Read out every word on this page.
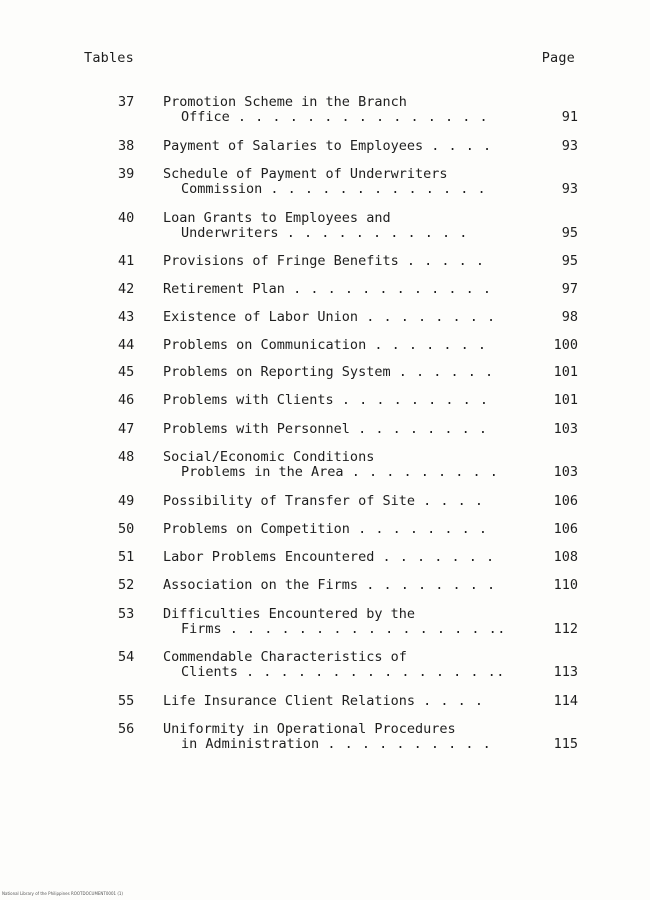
Tables	Page
37 Promotion Scheme in the Branch
Office . . . . . . . . . . . . . . .	91
38 Payment of Salaries to Employees . . . .	93
39 Schedule of Payment of Underwriters
Commission . . . . . . . . . . . . .	93
40 Loan Grants to Employees and
Underwriters . . . . . . . . . . .	95
41 Provisions of Fringe Benefits . . . . .	95
42 Retirement Plan . . . . . . . . . . . .	97
43 Existence of Labor Union . . . . . . . .	98
44 Problems on Communication . . . . . . .	100
45 Problems on Reporting System . . . . . .	101
46 Problems with Clients . . . . . . . . .	101
47 Problems with Personnel . . . . . . . .	103
48 Social/Economic Conditions
Problems in the Area . . . . . . . . .	103
49 Possibility of Transfer of Site . . . .	106
50 Problems on Competition . . . . . . . .	106
51 Labor Problems Encountered . . . . . . .	108
52 Association on the Firms . . . . . . . .	110
53 Difficulties Encountered by the
Firms . . . . . . . . . . . . . . . ..	112
54 Commendable Characteristics of
Clients . . . . . . . . . . . . . . ..	113
55 Life Insurance Client Relations . . . .	114
56 Uniformity in Operational Procedures
in Administration . . . . . . . . . .	115
National Library of the Philippines ROOTDOCUMENT0001 (1)
